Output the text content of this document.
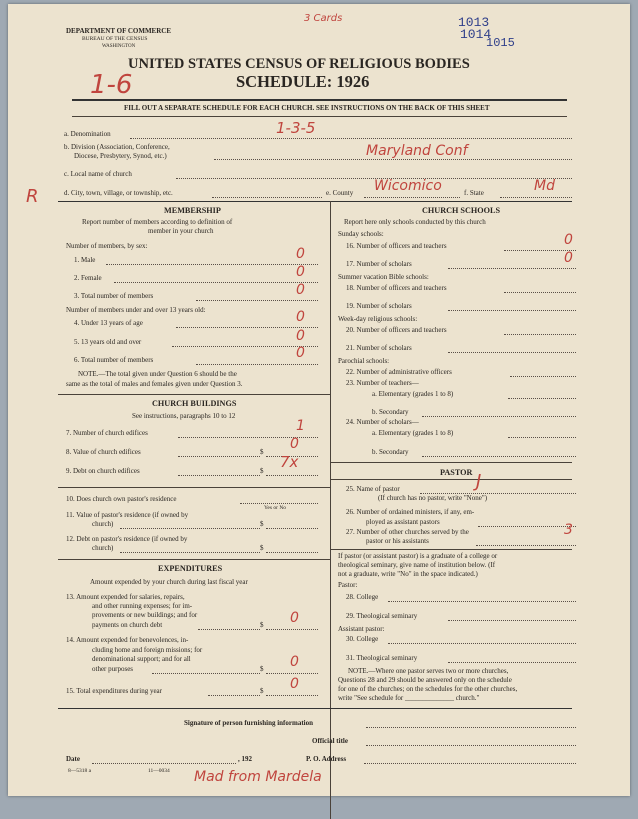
DEPARTMENT OF COMMERCE
BUREAU OF THE CENSUS
WASHINGTON
3 Cards	1013
1014
1015
UNITED STATES CENSUS OF RELIGIOUS BODIES
SCHEDULE: 1926
1-6
FILL OUT A SEPARATE SCHEDULE FOR EACH CHURCH. SEE INSTRUCTIONS ON THE BACK OF THIS SHEET
a. Denomination	1-3-5
b. Division (Association, Conference,
Diocese, Presbytery, Synod, etc.)	Maryland Conf
c. Local name of church
R	d. City, town, village, or township, etc.	e. County Wicomico	f. State	Md
MEMBERSHIP
Report number of members according to definition of
member in your church
Number of members, by sex:
1. Male	0
2. Female	0
3. Total number of members	0
Number of members under and over 13 years old:
4. Under 13 years of age	0
5. 13 years old and over	0
6. Total number of members	0
NOTE.—The total given under Question 6 should be the
same as the total of males and females given under Question 3.
CHURCH BUILDINGS
See instructions, paragraphs 10 to 12
7. Number of church edifices	1
8. Value of church edifices	$ 0
9. Debt on church edifices	$ 7x
10. Does church own pastor's residence
Yes or No
11. Value of pastor's residence (if owned by
church)	$
12. Debt on pastor's residence (if owned by
church)	$
EXPENDITURES
Amount expended by your church during last fiscal year
13. Amount expended for salaries, repairs,
and other running expenses; for im-
provements or new buildings; and for
payments on church debt	$ 0
14. Amount expended for benevolences, in-
cluding home and foreign missions; for
denominational support; and for all
other purposes	$ 0
15. Total expenditures during year	$ 0
CHURCH SCHOOLS
Report here only schools conducted by this church
Sunday schools:
16. Number of officers and teachers	0
17. Number of scholars	0
Summer vacation Bible schools:
18. Number of officers and teachers
19. Number of scholars
Week-day religious schools:
20. Number of officers and teachers
21. Number of scholars
Parochial schools:
22. Number of administrative officers
23. Number of teachers—
a. Elementary (grades 1 to 8)
b. Secondary
24. Number of scholars—
a. Elementary (grades 1 to 8)
b. Secondary
PASTOR
25. Name of pastor	J
(If church has no pastor, write "None")
26. Number of ordained ministers, if any, em-
ployed as assistant pastors
27. Number of other churches served by the
pastor or his assistants
3
If pastor (or assistant pastor) is a graduate of a college or
theological seminary, give name of institution below. (If
not a graduate, write "No" in the space indicated.)
Pastor:
28. College
29. Theological seminary
Assistant pastor:
30. College
31. Theological seminary
NOTE.—Where one pastor serves two or more churches,
Questions 28 and 29 should be answered only on the schedule
for one of the churches; on the schedules for the other churches,
write "See schedule for ______________ church."
Signature of person furnishing information
Official title
Date	, 192	P. O. Address
8—5318 a	11—0034 Mad from Mardela
